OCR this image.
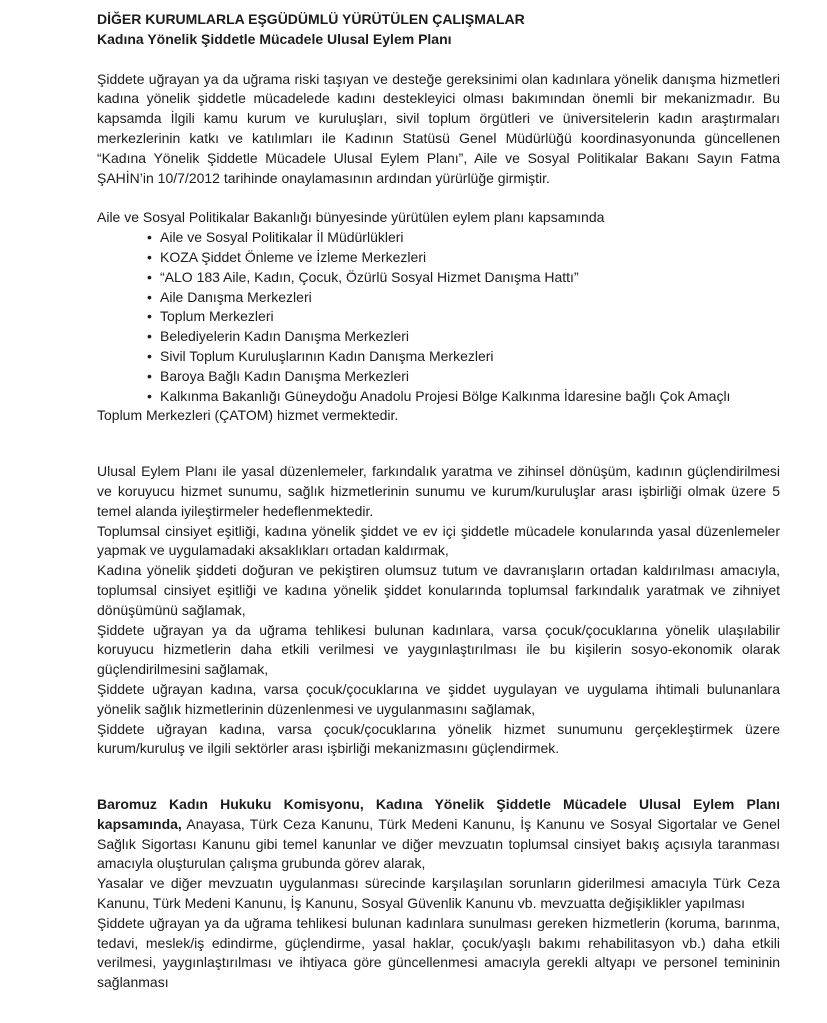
DİĞER KURUMLARLA EŞGÜDÜMLÜ YÜRÜTÜLEN ÇALIŞMALAR
Kadına Yönelik Şiddetle Mücadele Ulusal Eylem Planı

Şiddete uğrayan ya da uğrama riski taşıyan ve desteğe gereksinimi olan kadınlara yönelik danışma hizmetleri kadına yönelik şiddetle mücadelede kadını destekleyici olması bakımından önemli bir mekanizmadır. Bu kapsamda İlgili kamu kurum ve kuruluşları, sivil toplum örgütleri ve üniversitelerin kadın araştırmaları merkezlerinin katkı ve katılımları ile Kadının Statüsü Genel Müdürlüğü koordinasyonunda güncellenen “Kadına Yönelik Şiddetle Mücadele Ulusal Eylem Planı”, Aile ve Sosyal Politikalar Bakanı Sayın Fatma ŞAHİN’in 10/7/2012 tarihinde onaylamasının ardından yürürlüğe girmiştir.

Aile ve Sosyal Politikalar Bakanlığı bünyesinde yürütülen eylem planı kapsamında

• Aile ve Sosyal Politikalar İl Müdürlükleri
• KOZA Şiddet Önleme ve İzleme Merkezleri
• “ALO 183 Aile, Kadın, Çocuk, Özürlü Sosyal Hizmet Danışma Hattı”
• Aile Danışma Merkezleri
• Toplum Merkezleri
• Belediyelerin Kadın Danışma Merkezleri
• Sivil Toplum Kuruluşlarının Kadın Danışma Merkezleri
• Baroya Bağlı Kadın Danışma Merkezleri
• Kalkınma Bakanlığı Güneydoğu Anadolu Projesi Bölge Kalkınma İdaresine bağlı Çok Amaçlı

Toplum Merkezleri (ÇATOM) hizmet vermektedir.

Ulusal Eylem Planı ile yasal düzenlemeler, farkındalık yaratma ve zihinsel dönüşüm, kadının güçlendirilmesi ve koruyucu hizmet sunumu, sağlık hizmetlerinin sunumu ve kurum/kuruluşlar arası işbirliği olmak üzere 5 temel alanda iyileştirmeler hedeflenmektedir.

Toplumsal cinsiyet eşitliği, kadına yönelik şiddet ve ev içi şiddetle mücadele konularında yasal düzenlemeler yapmak ve uygulamadaki aksaklıkları ortadan kaldırmak,

Kadına yönelik şiddeti doğuran ve pekiştiren olumsuz tutum ve davranışların ortadan kaldırılması amacıyla, toplumsal cinsiyet eşitliği ve kadına yönelik şiddet konularında toplumsal farkındalık yaratmak ve zihniyet dönüşümünü sağlamak,

Şiddete uğrayan ya da uğrama tehlikesi bulunan kadınlara, varsa çocuk/çocuklarına yönelik ulaşılabilir koruyucu hizmetlerin daha etkili verilmesi ve yaygınlaştırılması ile bu kişilerin sosyo-ekonomik olarak güçlendirilmesini sağlamak,

Şiddete uğrayan kadına, varsa çocuk/çocuklarına ve şiddet uygulayan ve uygulama ihtimali bulunanlara yönelik sağlık hizmetlerinin düzenlenmesi ve uygulanmasını sağlamak,

Şiddete uğrayan kadına, varsa çocuk/çocuklarına yönelik hizmet sunumunu gerçekleştirmek üzere kurum/kuruluş ve ilgili sektörler arası işbirliği mekanizmasını güçlendirmek.

Baromuz Kadın Hukuku Komisyonu, Kadına Yönelik Şiddetle Mücadele Ulusal Eylem Planı kapsamında, Anayasa, Türk Ceza Kanunu, Türk Medeni Kanunu, İş Kanunu ve Sosyal Sigortalar ve Genel Sağlık Sigortası Kanunu gibi temel kanunlar ve diğer mevzuatın toplumsal cinsiyet bakış açısıyla taranması amacıyla oluşturulan çalışma grubunda görev alarak,

Yasalar ve diğer mevzuatın uygulanması sürecinde karşılaşılan sorunların giderilmesi amacıyla Türk Ceza Kanunu, Türk Medeni Kanunu, İş Kanunu, Sosyal Güvenlik Kanunu vb. mevzuatta değişiklikler yapılması

Şiddete uğrayan ya da uğrama tehlikesi bulunan kadınlara sunulması gereken hizmetlerin (koruma, barınma, tedavi, meslek/iş edindirme, güçlendirme, yasal haklar, çocuk/yaşlı bakımı rehabilitasyon vb.) daha etkili verilmesi, yaygınlaştırılması ve ihtiyaca göre güncellenmesi amacıyla gerekli altyapı ve personel temininin sağlanması
